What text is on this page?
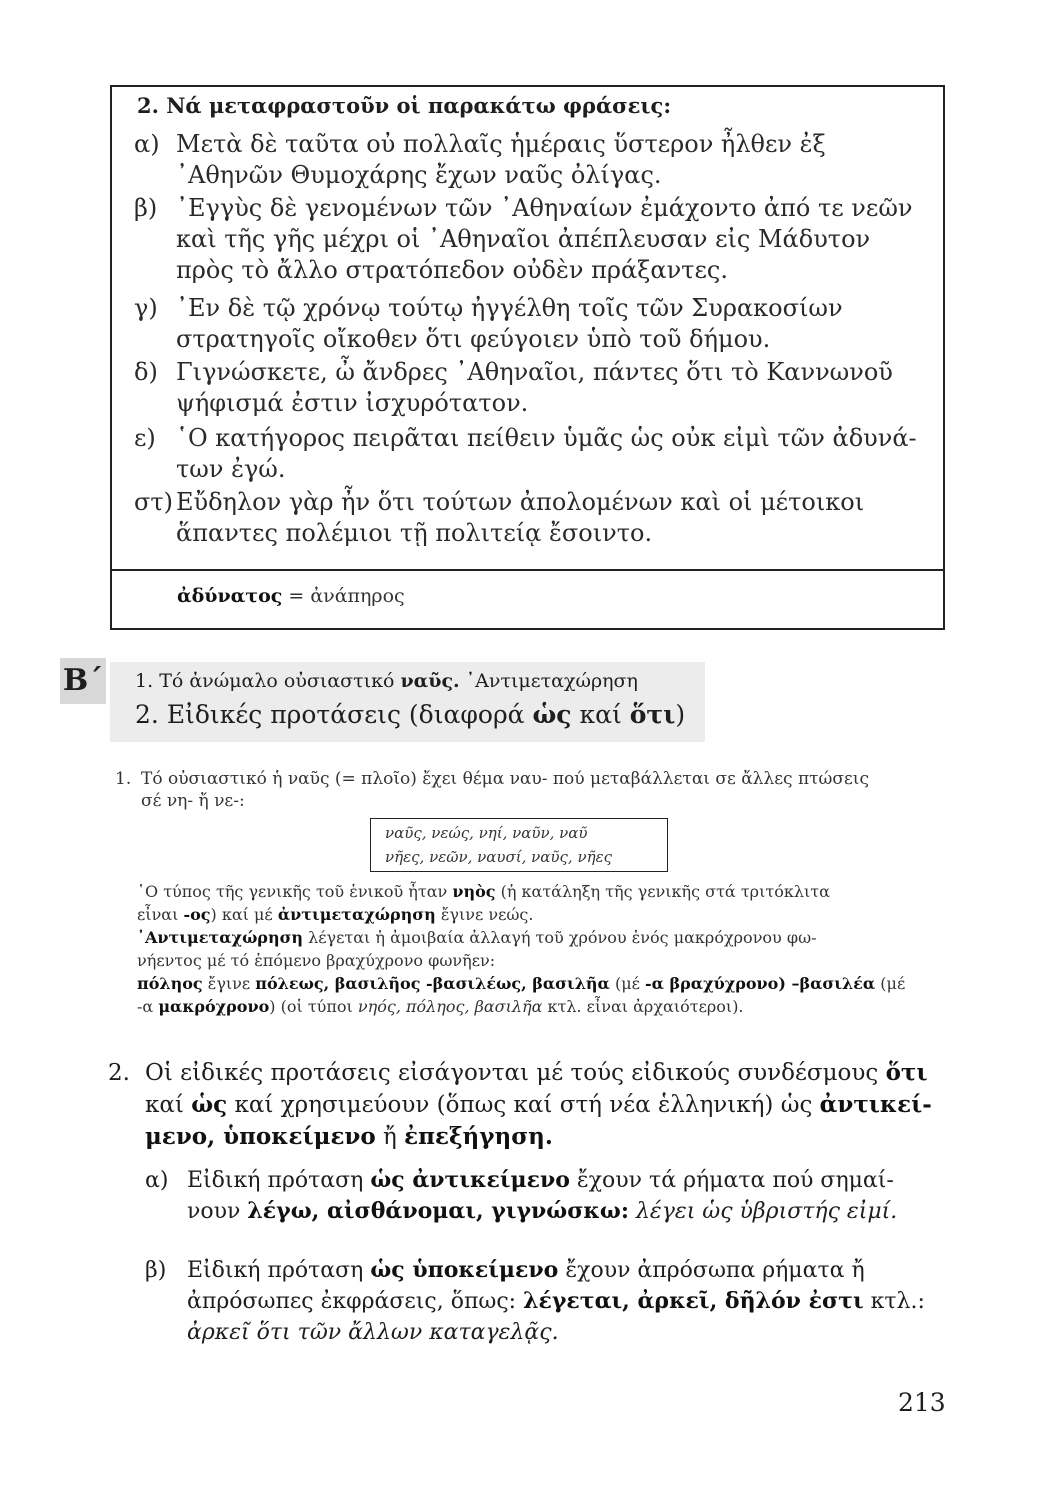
2. Νά μεταφραστοῦν οἱ παρακάτω φράσεις:
α) Μετὰ δὲ ταῦτα οὐ πολλαῖς ἡμέραις ὕστερον ἦλθεν ἐξ
᾽Αθηνῶν Θυμοχάρης ἔχων ναῦς ὀλίγας.
β) ᾽Εγγὺς δὲ γενομένων τῶν ᾽Αθηναίων ἐμάχοντο ἀπό τε νεῶν
καὶ τῆς γῆς μέχρι οἱ ᾽Αθηναῖοι ἀπέπλευσαν εἰς Μάδυτον
πρὸς τὸ ἄλλο στρατόπεδον οὐδὲν πράξαντες.
γ) ᾽Εν δὲ τῷ χρόνῳ τούτῳ ἠγγέλθη τοῖς τῶν Συρακοσίων
στρατηγοῖς οἴκοθεν ὅτι φεύγοιεν ὑπὸ τοῦ δήμου.
δ) Γιγνώσκετε, ὦ ἄνδρες ᾽Αθηναῖοι, πάντες ὅτι τὸ Καννωνοῦ
ψήφισμά ἐστιν ἰσχυρότατον.
ε) ῾Ο κατήγορος πειρᾶται πείθειν ὑμᾶς ὡς οὐκ εἰμὶ τῶν ἀδυνά-
των ἐγώ.
στ) Εὔδηλον γὰρ ἦν ὅτι τούτων ἀπολομένων καὶ οἱ μέτοικοι
ἅπαντες πολέμιοι τῇ πολιτείᾳ ἔσοιντο.
ἀδύνατος = ἀνάπηρος
Β΄ 1. Τό ἀνώμαλο οὐσιαστικό ναῦς. ᾽Αντιμεταχώρηση
2. Εἰδικές προτάσεις (διαφορά ὡς καί ὅτι)
1. Τό οὐσιαστικό ἡ ναῦς (= πλοῖο) ἔχει θέμα ναυ- πού μεταβάλλεται σε ἄλλες πτώσεις
σέ νη- ἤ νε-:
ναῦς, νεώς, νηί, ναῦν, ναῦ
νῆες, νεῶν, ναυσί, ναῦς, νῆες
῾Ο τύπος τῆς γενικῆς τοῦ ἑνικοῦ ἦταν νηὸς (ἡ κατάληξη τῆς γενικῆς στά τριτόκλιτα
εἶναι -ος) καί μέ ἀντιμεταχώρηση ἔγινε νεώς.
᾽Αντιμεταχώρηση λέγεται ἡ ἀμοιβαία ἀλλαγή τοῦ χρόνου ἑνός μακρόχρονου φω-
νήεντος μέ τό ἑπόμενο βραχύχρονο φωνῆεν:
πόληος ἔγινε πόλεως, βασιλῆος -βασιλέως, βασιλῆα (μέ -α βραχύχρονο) –βασιλέα (μέ
-α μακρόχρονο) (οἱ τύποι νηός, πόληος, βασιλῆα κτλ. εἶναι ἀρχαιότεροι).
2. Οἱ εἰδικές προτάσεις εἰσάγονται μέ τούς εἰδικούς συνδέσμους ὅτι
καί ὡς καί χρησιμεύουν (ὅπως καί στή νέα ἑλληνική) ὡς ἀντικεί-
μενο, ὑποκείμενο ἤ ἐπεξήγηση.
α) Εἰδική πρόταση ὡς ἀντικείμενο ἔχουν τά ρήματα πού σημαί-
νουν λέγω, αἰσθάνομαι, γιγνώσκω: λέγει ὡς ὑβριστής εἰμί.
β) Εἰδική πρόταση ὡς ὑποκείμενο ἔχουν ἀπρόσωπα ρήματα ἤ
ἀπρόσωπες ἐκφράσεις, ὅπως: λέγεται, ἀρκεῖ, δῆλόν ἐστι κτλ.:
ἀρκεῖ ὅτι τῶν ἄλλων καταγελᾷς.
213
